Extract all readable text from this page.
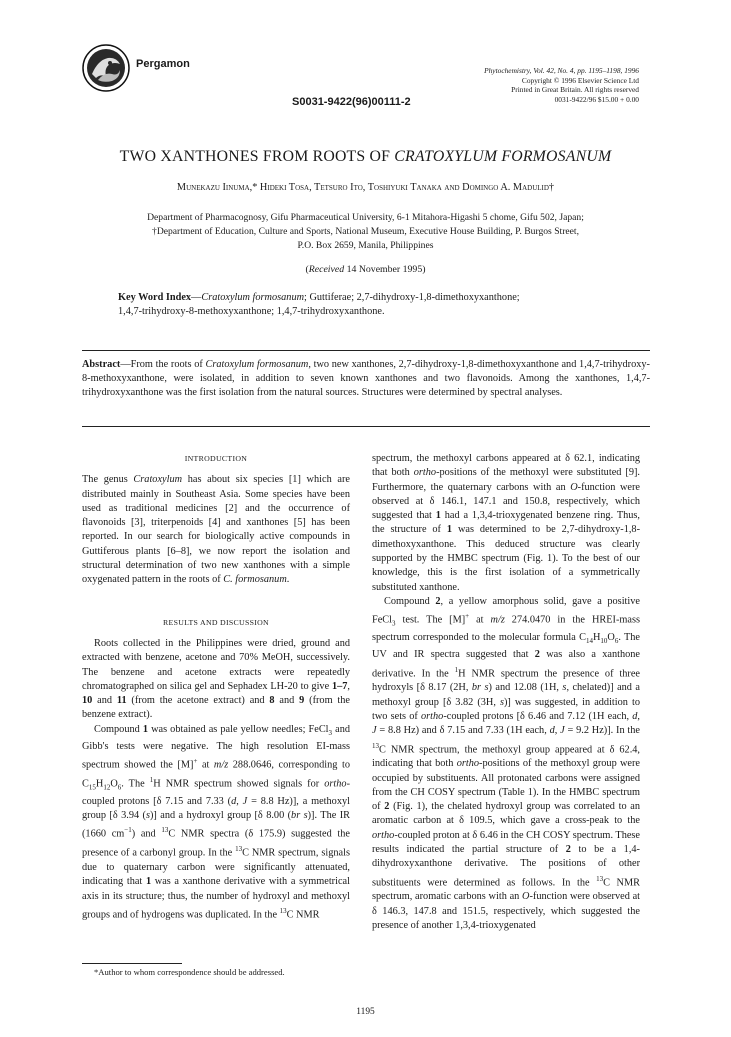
Pergamon
S0031-9422(96)00111-2
Phytochemistry, Vol. 42, No. 4, pp. 1195–1198, 1996
Copyright © 1996 Elsevier Science Ltd
Printed in Great Britain. All rights reserved
0031-9422/96 $15.00 + 0.00
TWO XANTHONES FROM ROOTS OF CRATOXYLUM FORMOSANUM
Munekazu Iinuma,* Hideki Tosa, Tetsuro Ito, Toshiyuki Tanaka and Domingo A. Madulid†
Department of Pharmacognosy, Gifu Pharmaceutical University, 6-1 Mitahora-Higashi 5 chome, Gifu 502, Japan;
†Department of Education, Culture and Sports, National Museum, Executive House Building, P. Burgos Street,
P.O. Box 2659, Manila, Philippines
(Received 14 November 1995)
Key Word Index—Cratoxylum formosanum; Guttiferae; 2,7-dihydroxy-1,8-dimethoxyxanthone;
1,4,7-trihydroxy-8-methoxyxanthone; 1,4,7-trihydroxyxanthone.
Abstract—From the roots of Cratoxylum formosanum, two new xanthones, 2,7-dihydroxy-1,8-dimethoxyxanthone and 1,4,7-trihydroxy-8-methoxyxanthone, were isolated, in addition to seven known xanthones and two flavonoids. Among the xanthones, 1,4,7-trihydroxyxanthone was the first isolation from the natural sources. Structures were determined by spectral analyses.

INTRODUCTION

The genus Cratoxylum has about six species [1] which are distributed mainly in Southeast Asia. Some species have been used as traditional medicines [2] and the occurrence of flavonoids [3], triterpenoids [4] and xanthones [5] has been reported. In our search for biologically active compounds in Guttiferous plants [6–8], we now report the isolation and structural determination of two new xanthones with a simple oxygenated pattern in the roots of C. formosanum.

RESULTS AND DISCUSSION

Roots collected in the Philippines were dried, ground and extracted with benzene, acetone and 70% MeOH, successively. The benzene and acetone extracts were repeatedly chromatographed on silica gel and Sephadex LH-20 to give 1–7, 10 and 11 (from the acetone extract) and 8 and 9 (from the benzene extract).

Compound 1 was obtained as pale yellow needles; FeCl$_3$ and Gibb's tests were negative. The high resolution EI-mass spectrum showed the [M]+ at m/z 288.0646, corresponding to $C_{15}H_{12}O_6$. The $^1$H NMR spectrum showed signals for ortho-coupled protons [δ 7.15 and 7.33 (d, J = 8.8 Hz)], a methoxyl group [δ 3.94 (s)] and a hydroxyl group [δ 8.00 (br s)]. The IR (1660 $cm^{-1}$) and $^{13}$C NMR spectra (δ 175.9) suggested the presence of a carbonyl group. In the $^{13}$C NMR spectrum, signals due to quaternary carbon were significantly attenuated, indicating that 1 was a xanthone derivative with a symmetrical axis in its structure; thus, the number of hydroxyl and methoxyl groups and of hydrogens was duplicated. In the $^{13}$C NMR

spectrum, the methoxyl carbons appeared at δ 62.1, indicating that both ortho-positions of the methoxyl were substituted [9]. Furthermore, the quaternary carbons with an O-function were observed at δ 146.1, 147.1 and 150.8, respectively, which suggested that 1 had a 1,3,4-trioxygenated benzene ring. Thus, the structure of 1 was determined to be 2,7-dihydroxy-1,8-dimethoxyxanthone. This deduced structure was clearly supported by the HMBC spectrum (Fig. 1). To the best of our knowledge, this is the first isolation of a symmetrically substituted xanthone.

Compound 2, a yellow amorphous solid, gave a positive FeCl$_3$ test. The [M]+ at m/z 274.0470 in the HREI-mass spectrum corresponded to the molecular formula $C_{14}H_{10}O_6$. The UV and IR spectra suggested that 2 was also a xanthone derivative. In the $^1$H NMR spectrum the presence of three hydroxyls [δ 8.17 (2H, br s) and 12.08 (1H, s, chelated)] and a methoxyl group [δ 3.82 (3H, s)] was suggested, in addition to two sets of ortho-coupled protons [δ 6.46 and 7.12 (1H each, d, J = 8.8 Hz) and δ 7.15 and 7.33 (1H each, d, J = 9.2 Hz)]. In the $^{13}$C NMR spectrum, the methoxyl group appeared at δ 62.4, indicating that both ortho-positions of the methoxyl group were occupied by substituents. All protonated carbons were assigned from the CH COSY spectrum (Table 1). In the HMBC spectrum of 2 (Fig. 1), the chelated hydroxyl group was correlated to an aromatic carbon at δ 109.5, which gave a cross-peak to the ortho-coupled proton at δ 6.46 in the CH COSY spectrum. These results indicated the partial structure of 2 to be a 1,4-dihydroxyxanthone derivative. The positions of other substituents were determined as follows. In the $^{13}$C NMR spectrum, aromatic carbons with an O-function were observed at δ 146.3, 147.8 and 151.5, respectively, which suggested the presence of another 1,3,4-trioxygenated

*Author to whom correspondence should be addressed.
1195
